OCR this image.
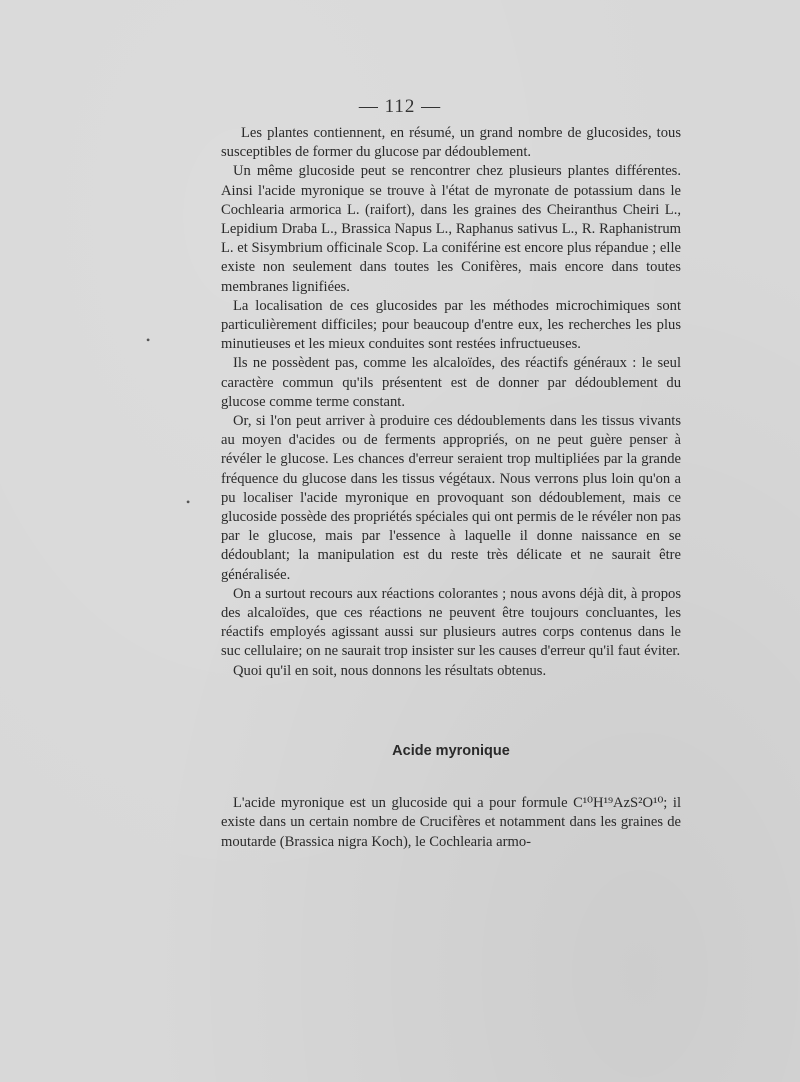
— 112 —

Les plantes contiennent, en résumé, un grand nombre de glucosides, tous susceptibles de former du glucose par dédoublement.

Un même glucoside peut se rencontrer chez plusieurs plantes différentes. Ainsi l'acide myronique se trouve à l'état de myronate de potassium dans le Cochlearia armorica L. (raifort), dans les graines des Cheiranthus Cheiri L., Lepidium Draba L., Brassica Napus L., Raphanus sativus L., R. Raphanistrum L. et Sisymbrium officinale Scop. La coniférine est encore plus répandue ; elle existe non seulement dans toutes les Conifères, mais encore dans toutes membranes lignifiées.

La localisation de ces glucosides par les méthodes microchimiques sont particulièrement difficiles; pour beaucoup d'entre eux, les recherches les plus minutieuses et les mieux conduites sont restées infructueuses.

Ils ne possèdent pas, comme les alcaloïdes, des réactifs généraux : le seul caractère commun qu'ils présentent est de donner par dédoublement du glucose comme terme constant.

Or, si l'on peut arriver à produire ces dédoublements dans les tissus vivants au moyen d'acides ou de ferments appropriés, on ne peut guère penser à révéler le glucose. Les chances d'erreur seraient trop multipliées par la grande fréquence du glucose dans les tissus végétaux. Nous verrons plus loin qu'on a pu localiser l'acide myronique en provoquant son dédoublement, mais ce glucoside possède des propriétés spéciales qui ont permis de le révéler non pas par le glucose, mais par l'essence à laquelle il donne naissance en se dédoublant; la manipulation est du reste très délicate et ne saurait être généralisée.

On a surtout recours aux réactions colorantes ; nous avons déjà dit, à propos des alcaloïdes, que ces réactions ne peuvent être toujours concluantes, les réactifs employés agissant aussi sur plusieurs autres corps contenus dans le suc cellulaire; on ne saurait trop insister sur les causes d'erreur qu'il faut éviter.

Quoi qu'il en soit, nous donnons les résultats obtenus.

Acide myronique

L'acide myronique est un glucoside qui a pour formule C¹⁰H¹⁹AzS²O¹⁰; il existe dans un certain nombre de Crucifères et notamment dans les graines de moutarde (Brassica nigra Koch), le Cochlearia armo-

•
•
